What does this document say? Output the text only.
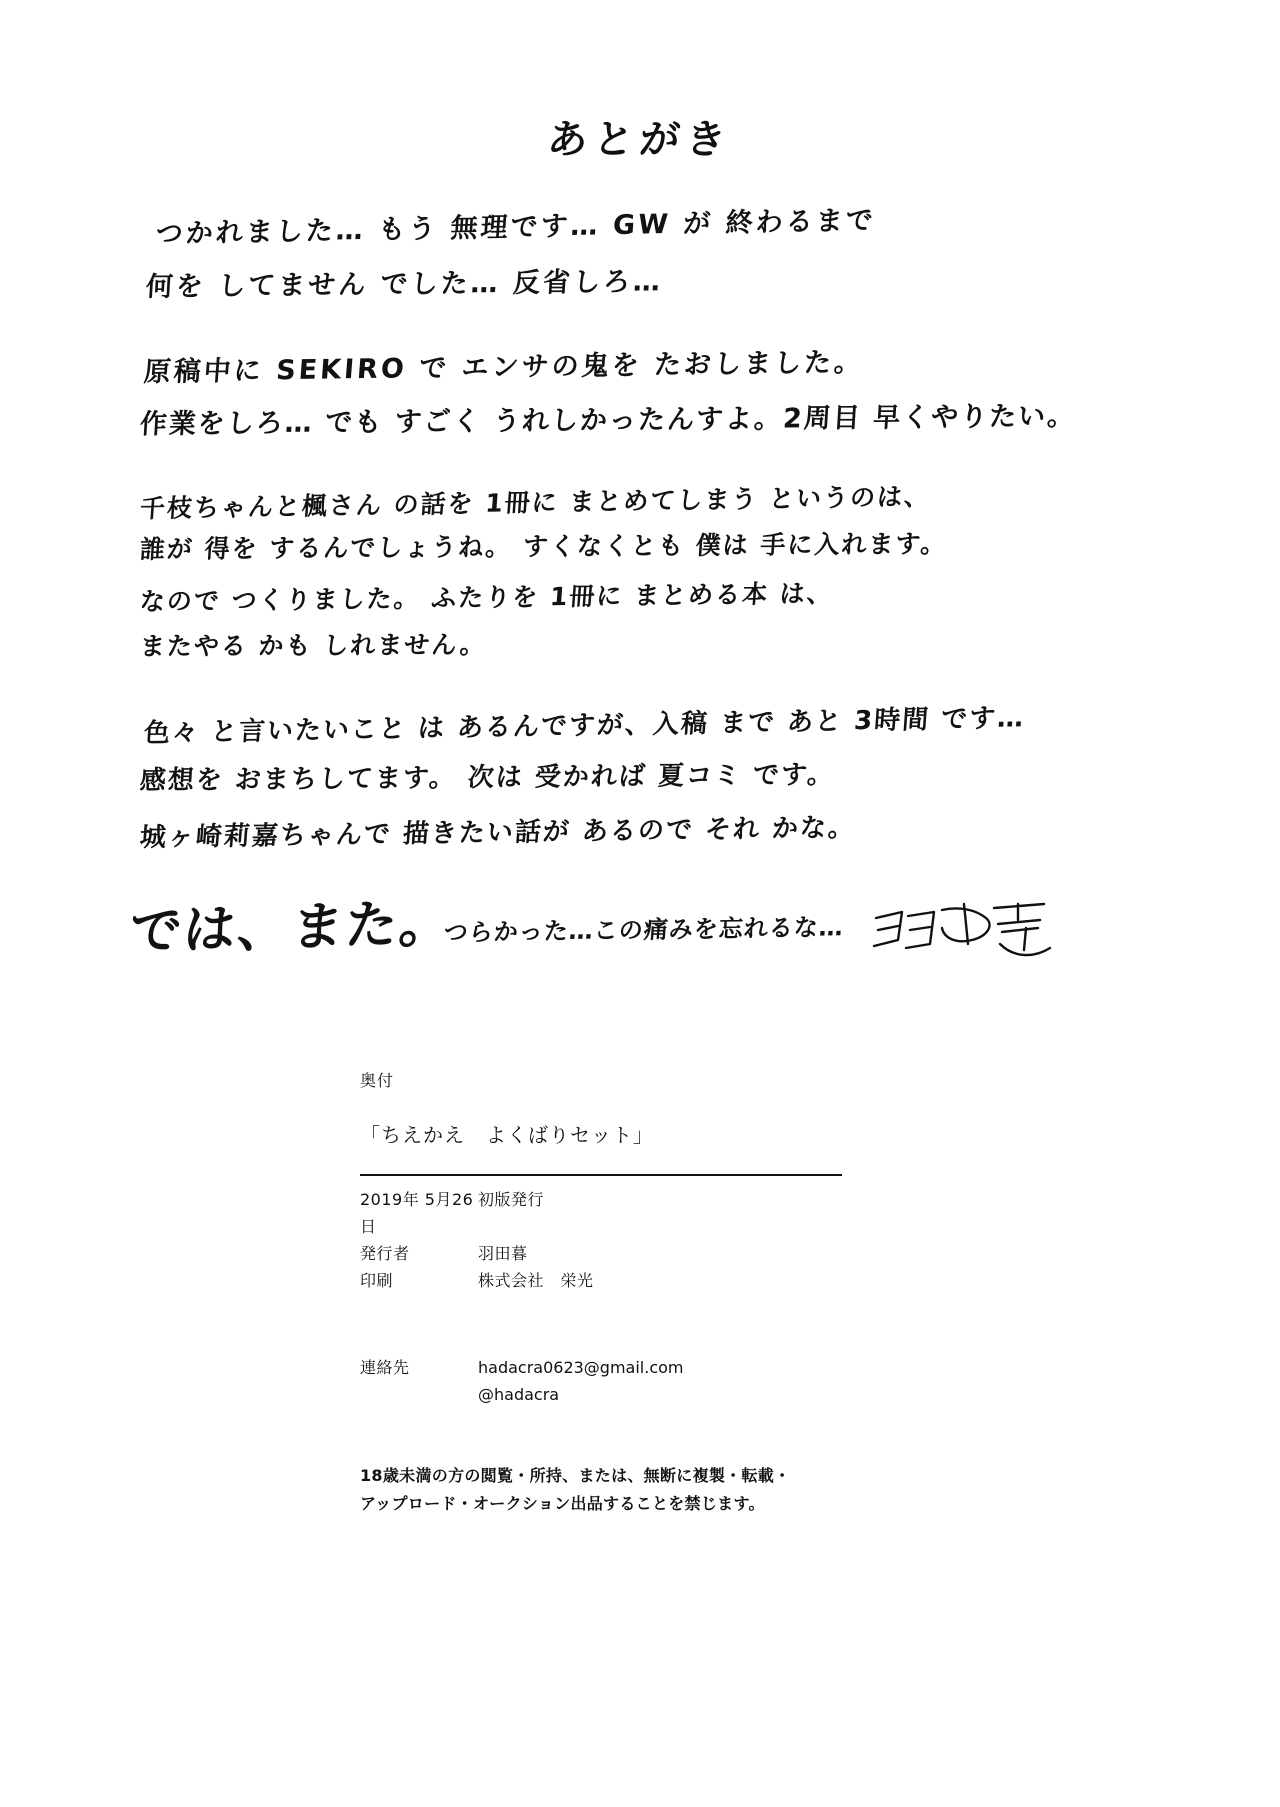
あとがき
つかれました… もう 無理です… GW が 終わるまで
何を してません でした… 反省しろ…
原稿中に SEKIRO で エンサの鬼を たおしました。
作業をしろ… でも すごく うれしかったんすよ。2周目 早くやりたい。
千枝ちゃんと楓さん の話を 1冊に まとめてしまう というのは、
誰が 得を するんでしょうね。 すくなくとも 僕は 手に入れます。
なので つくりました。 ふたりを 1冊に まとめる本 は、
またやる かも しれません。
色々 と言いたいこと は あるんですが、入稿 まで あと 3時間 です…
感想を おまちしてます。 次は 受かれば 夏コミ です。
城ヶ崎莉嘉ちゃんで 描きたい話が あるので それ かな。
では、また。
つらかった…この痛みを忘れるな…
奥付
「ちえかえ　よくばりセット」
2019年 5月26日
初版発行
発行者	羽田暮
印刷	株式会社　栄光
連絡先	hadacra0623@gmail.com
@hadacra
18歳未満の方の閲覧・所持、または、無断に複製・転載・
アップロード・オークション出品することを禁じます。
